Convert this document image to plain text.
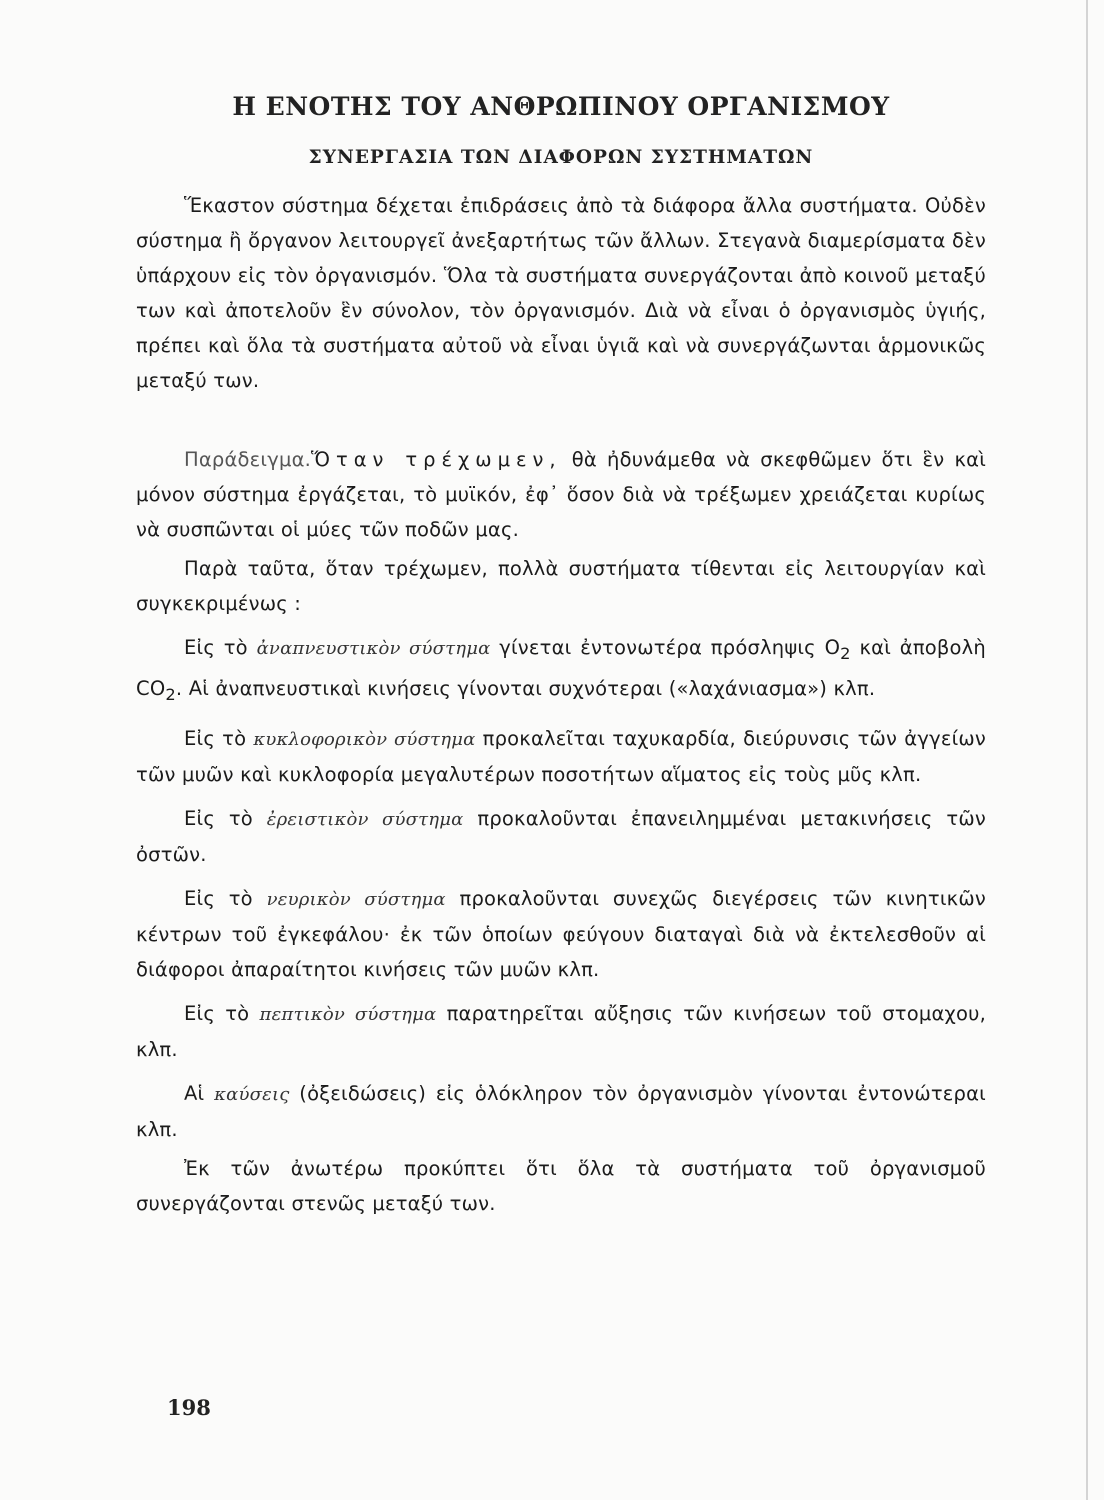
Η ΕΝΟΤΗΣ ΤΟΥ ΑΝΘΡΩΠΙΝΟΥ ΟΡΓΑΝΙΣΜΟΥ
ΣΥΝΕΡΓΑΣΙΑ ΤΩΝ ΔΙΑΦΟΡΩΝ ΣΥΣΤΗΜΑΤΩΝ

Ἕκαστον σύστημα δέχεται ἐπιδράσεις ἀπὸ τὰ διάφορα ἄλλα συστήματα. Οὐδὲν σύστημα ἢ ὄργανον λειτουργεῖ ἀνεξαρτήτως τῶν ἄλλων. Στεγανὰ διαμερίσματα δὲν ὑπάρχουν εἰς τὸν ὀργανισμόν. Ὅλα τὰ συστήματα συνεργάζονται ἀπὸ κοινοῦ μεταξύ των καὶ ἀποτελοῦν ἓν σύνολον, τὸν ὀργανισμόν. Διὰ νὰ εἶναι ὁ ὀργανισμὸς ὑγιής, πρέπει καὶ ὅλα τὰ συστήματα αὐτοῦ νὰ εἶναι ὑγιᾶ καὶ νὰ συνεργάζωνται ἁρμονικῶς μεταξύ των.

Παράδειγμα.Ὅταν τρέχωμεν, θὰ ἠδυνάμεθα νὰ σκεφθῶμεν ὅτι ἓν καὶ μόνον σύστημα ἐργάζεται, τὸ μυϊκόν, ἐφ᾽ ὅσον διὰ νὰ τρέξωμεν χρειάζεται κυρίως νὰ συσπῶνται οἱ μύες τῶν ποδῶν μας.

Παρὰ ταῦτα, ὅταν τρέχωμεν, πολλὰ συστήματα τίθενται εἰς λειτουργίαν καὶ συγκεκριμένως :

Εἰς τὸ ἀναπνευστικὸν σύστημα γίνεται ἐντονωτέρα πρόσληψις $O_2$ καὶ ἀποβολὴ $CO_2$. Αἱ ἀναπνευστικαὶ κινήσεις γίνονται συχνότεραι («λαχάνιασμα») κλπ.

Εἰς τὸ κυκλοφορικὸν σύστημα προκαλεῖται ταχυκαρδία, διεύρυνσις τῶν ἀγγείων τῶν μυῶν καὶ κυκλοφορία μεγαλυτέρων ποσοτήτων αἵματος εἰς τοὺς μῦς κλπ.

Εἰς τὸ ἐρειστικὸν σύστημα προκαλοῦνται ἐπανειλημμέναι μετακινήσεις τῶν ὀστῶν.

Εἰς τὸ νευρικὸν σύστημα προκαλοῦνται συνεχῶς διεγέρσεις τῶν κινητικῶν κέντρων τοῦ ἐγκεφάλου· ἐκ τῶν ὁποίων φεύγουν διαταγαὶ διὰ νὰ ἐκτελεσθοῦν αἱ διάφοροι ἀπαραίτητοι κινήσεις τῶν μυῶν κλπ.

Εἰς τὸ πεπτικὸν σύστημα παρατηρεῖται αὔξησις τῶν κινήσεων τοῦ στομαχου, κλπ.

Αἱ καύσεις (ὀξειδώσεις) εἰς ὁλόκληρον τὸν ὀργανισμὸν γίνονται ἐντονώτεραι κλπ.

Ἐκ τῶν ἀνωτέρω προκύπτει ὅτι ὅλα τὰ συστήματα τοῦ ὀργανισμοῦ συνεργάζονται στενῶς μεταξύ των.

198
